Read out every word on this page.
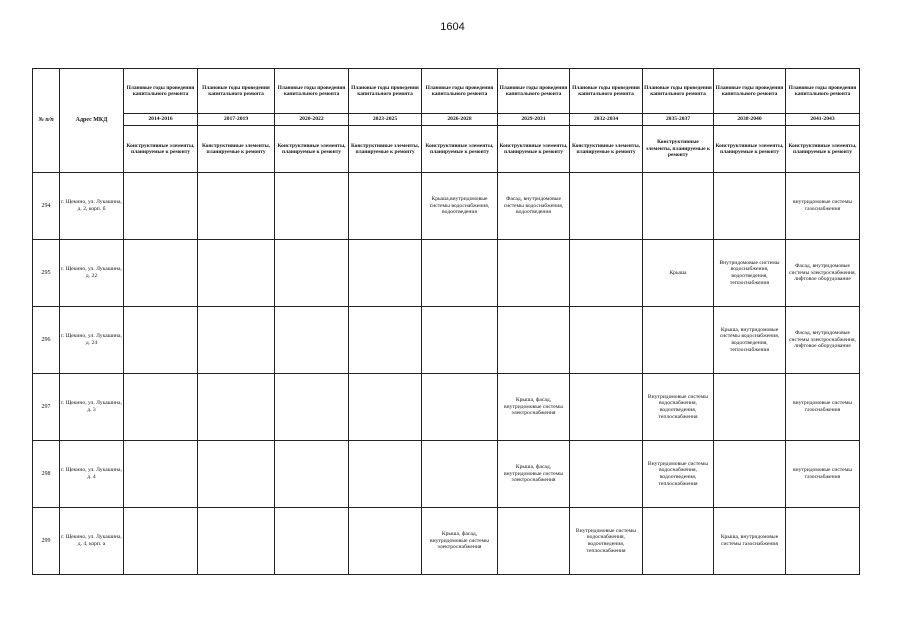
1604
№ п/п	Адрес МКД	Плановые годы проведения капитального ремонта	Плановые годы проведения капитального ремонта	Плановые годы проведения капитального ремонта	Плановые годы проведения капитального ремонта	Плановые годы проведения капитального ремонта	Плановые годы проведения капитального ремонта	Плановые годы проведения капитального ремонта	Плановые годы проведения капитального ремонта	Плановые годы проведения капитального ремонта	Плановые годы проведения капитального ремонта
		2014-2016	2017-2019	2020-2022	2023-2025	2026-2028	2029-2031	2032-2034	2035-2037	2038-2040	2041-2043
		Конструктивные элементы, планируемые к ремонту	Конструктивные элементы, планируемые к ремонту	Конструктивные элементы, планируемые к ремонту	Конструктивные элементы, планируемые к ремонту	Конструктивные элементы, планируемые к ремонту	Конструктивные элементы, планируемые к ремонту	Конструктивные элементы, планируемые к ремонту	Конструктивные элементы, планируемые к ремонту	Конструктивные элементы, планируемые к ремонту	Конструктивные элементы, планируемые к ремонту
294	г. Щекино, ул. Лукашина, д. 2, корп. б					Крыша,внутридомовые системы водоснабжения, водоотведения	Фасад, внутридомовые системы водоснабжения, водоотведения				внутридомовые системы газоснабжения
295	г. Щекино, ул. Лукашина, д. 22								Крыша	Внутридомовые системы водоснабжения, водоотведения, теплоснабжения	Фасад, внутридомовые системы электроснабжения, лифтовое оборудование
296	г. Щекино, ул. Лукашина, д. 24									Крыша, внутридомовые системы водоснабжения, водоотведения, теплоснабжения	Фасад, внутридомовые системы электроснабжения, лифтовое оборудование
297	г. Щекино, ул. Лукашина, д. 3						Крыша, фасад, внутридомовые системы электроснабжения		Внутридомовые системы водоснабжения, водоотведения, теплоснабжения		внутридомовые системы газоснабжения
298	г. Щекино, ул. Лукашина, д. 4						Крыша, фасад, внутридомовые системы электроснабжения		Внутридомовые системы водоснабжения, водоотведения, теплоснабжения		внутридомовые системы газоснабжения
299	г. Щекино, ул. Лукашина, д. 4, корп. а					Крыша, фасад, внутридомовые системы электроснабжения		Внутридомовые системы водоснабжения, водоотведения, теплоснабжения		Крыша, внутридомовые системы газоснабжения	
